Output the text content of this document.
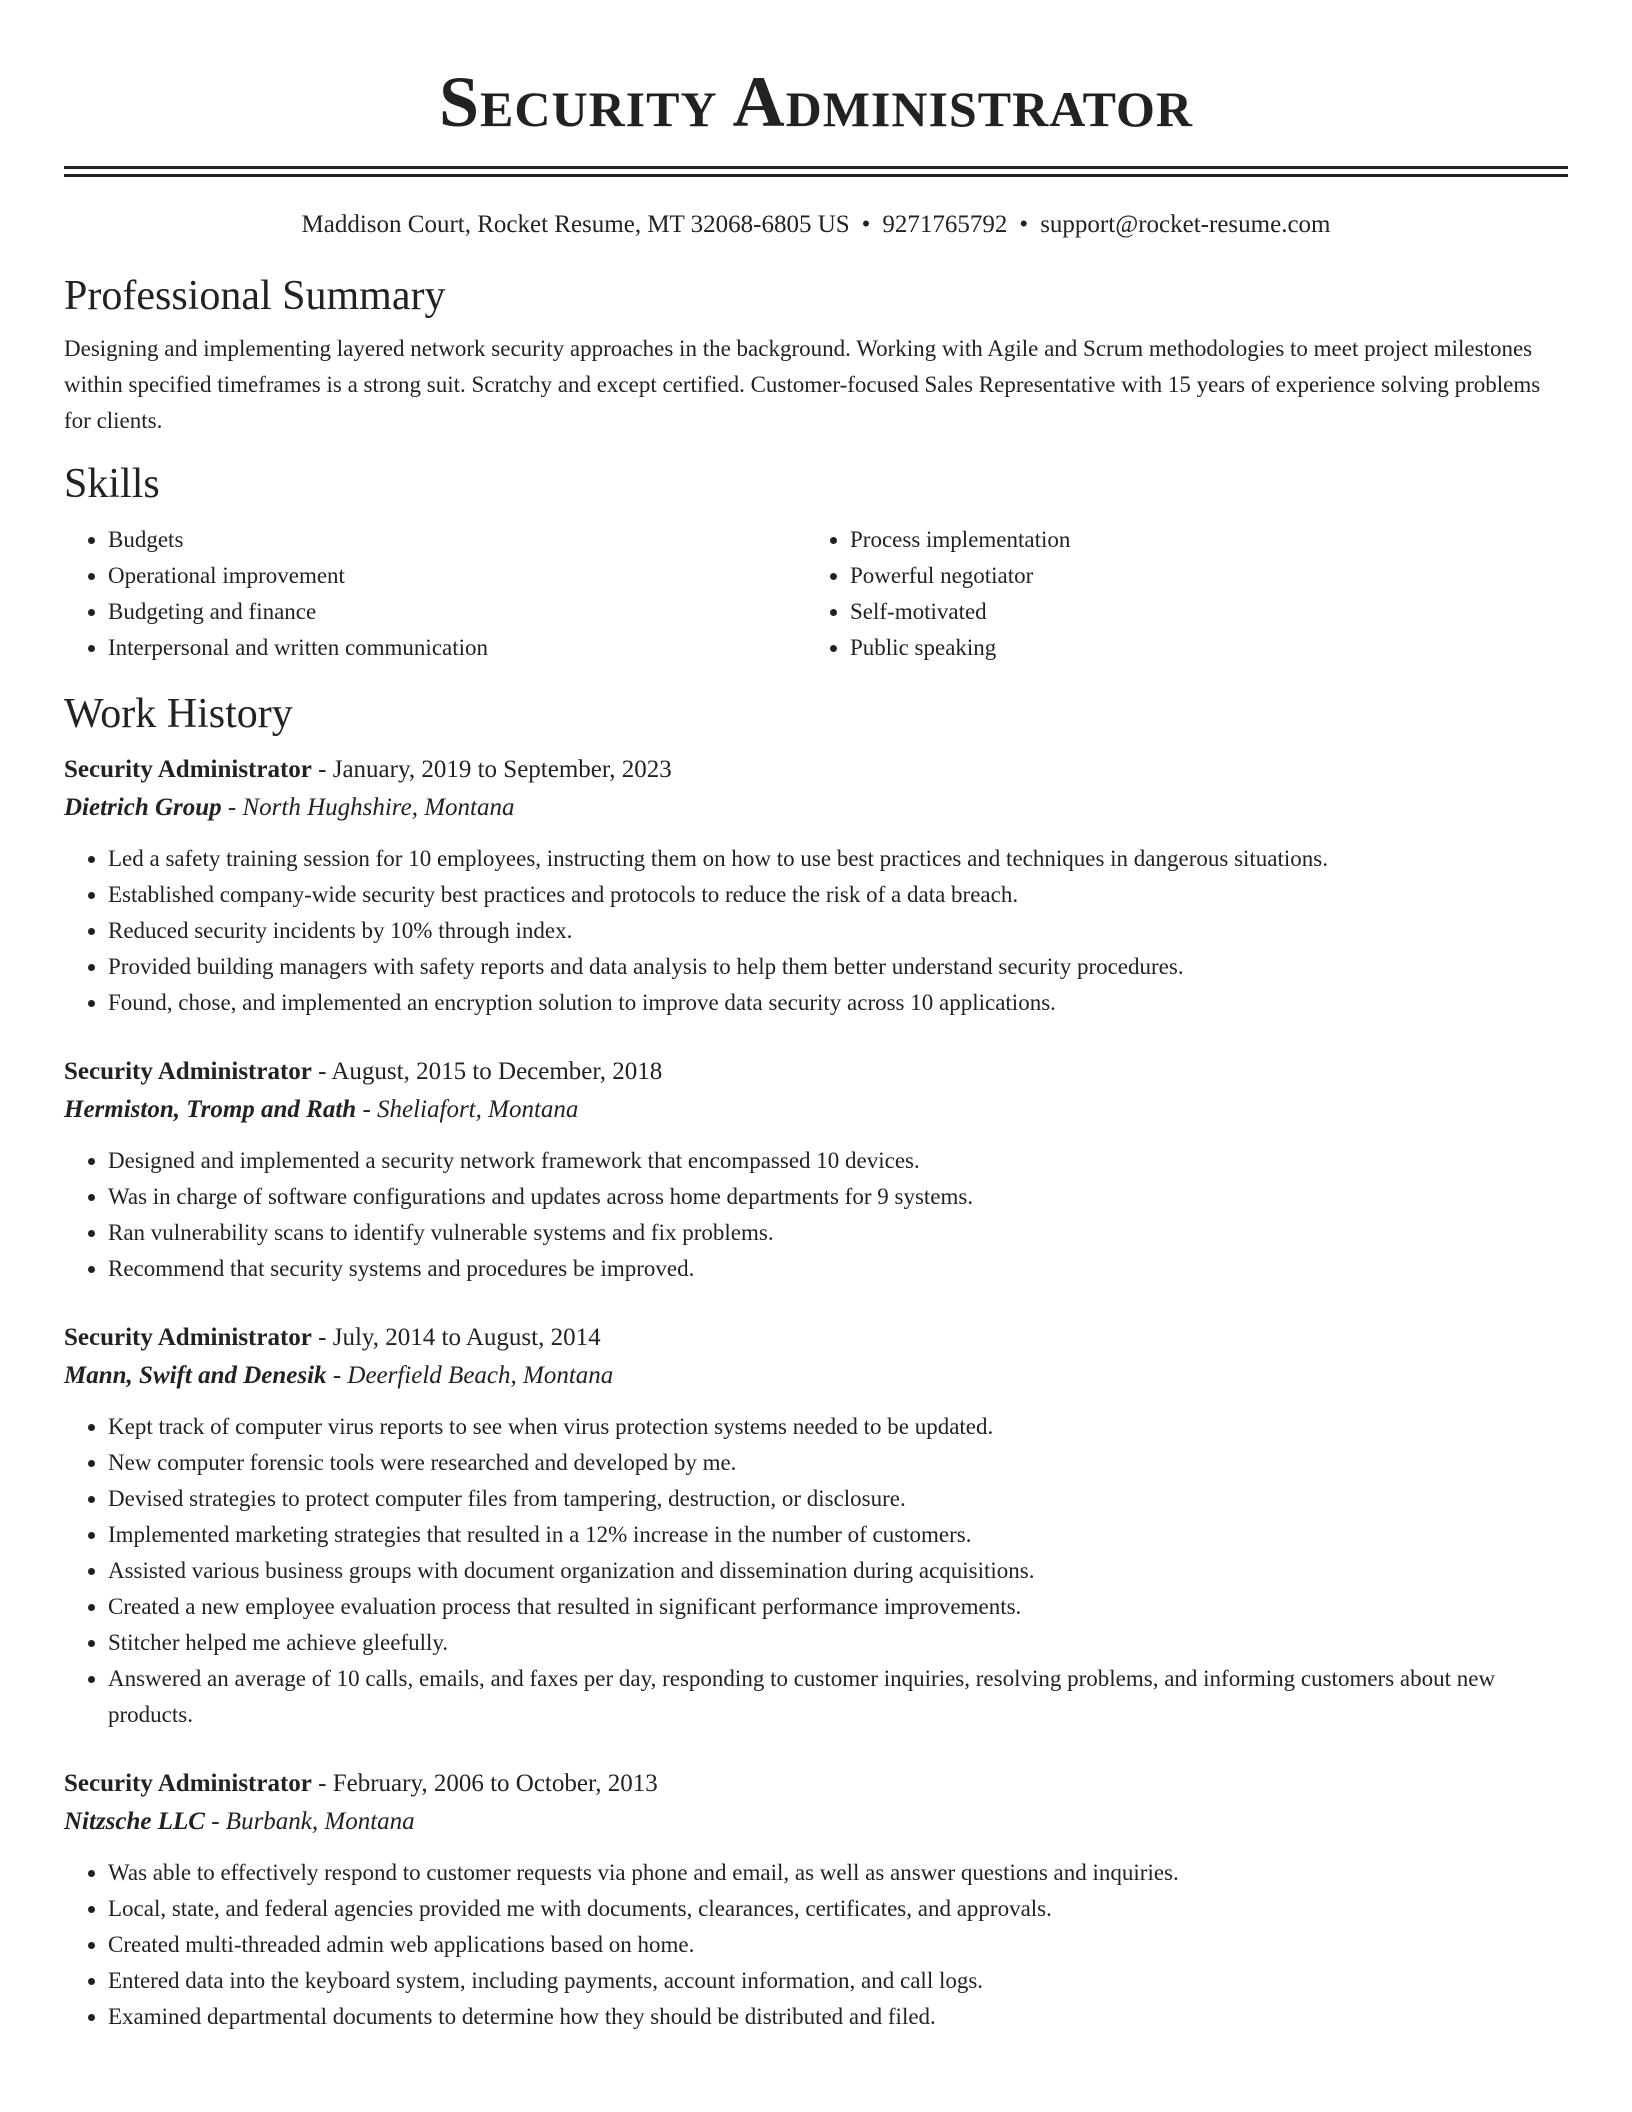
Security Administrator
Maddison Court, Rocket Resume, MT 32068-6805 US • 9271765792 • support@rocket-resume.com
Professional Summary

Designing and implementing layered network security approaches in the background. Working with Agile and Scrum methodologies to meet project milestones within specified timeframes is a strong suit. Scratchy and except certified. Customer-focused Sales Representative with 15 years of experience solving problems for clients.

Skills
• Budgets
• Operational improvement
• Budgeting and finance
• Interpersonal and written communication
• Process implementation
• Powerful negotiator
• Self-motivated
• Public speaking
Work History
Security Administrator - January, 2019 to September, 2023
Dietrich Group - North Hughshire, Montana
• Led a safety training session for 10 employees, instructing them on how to use best practices and techniques in dangerous situations.
• Established company-wide security best practices and protocols to reduce the risk of a data breach.
• Reduced security incidents by 10% through index.
• Provided building managers with safety reports and data analysis to help them better understand security procedures.
• Found, chose, and implemented an encryption solution to improve data security across 10 applications.
Security Administrator - August, 2015 to December, 2018
Hermiston, Tromp and Rath - Sheliafort, Montana
• Designed and implemented a security network framework that encompassed 10 devices.
• Was in charge of software configurations and updates across home departments for 9 systems.
• Ran vulnerability scans to identify vulnerable systems and fix problems.
• Recommend that security systems and procedures be improved.
Security Administrator - July, 2014 to August, 2014
Mann, Swift and Denesik - Deerfield Beach, Montana
• Kept track of computer virus reports to see when virus protection systems needed to be updated.
• New computer forensic tools were researched and developed by me.
• Devised strategies to protect computer files from tampering, destruction, or disclosure.
• Implemented marketing strategies that resulted in a 12% increase in the number of customers.
• Assisted various business groups with document organization and dissemination during acquisitions.
• Created a new employee evaluation process that resulted in significant performance improvements.
• Stitcher helped me achieve gleefully.
• Answered an average of 10 calls, emails, and faxes per day, responding to customer inquiries, resolving problems, and informing customers about new products.
Security Administrator - February, 2006 to October, 2013
Nitzsche LLC - Burbank, Montana
• Was able to effectively respond to customer requests via phone and email, as well as answer questions and inquiries.
• Local, state, and federal agencies provided me with documents, clearances, certificates, and approvals.
• Created multi-threaded admin web applications based on home.
• Entered data into the keyboard system, including payments, account information, and call logs.
• Examined departmental documents to determine how they should be distributed and filed.
